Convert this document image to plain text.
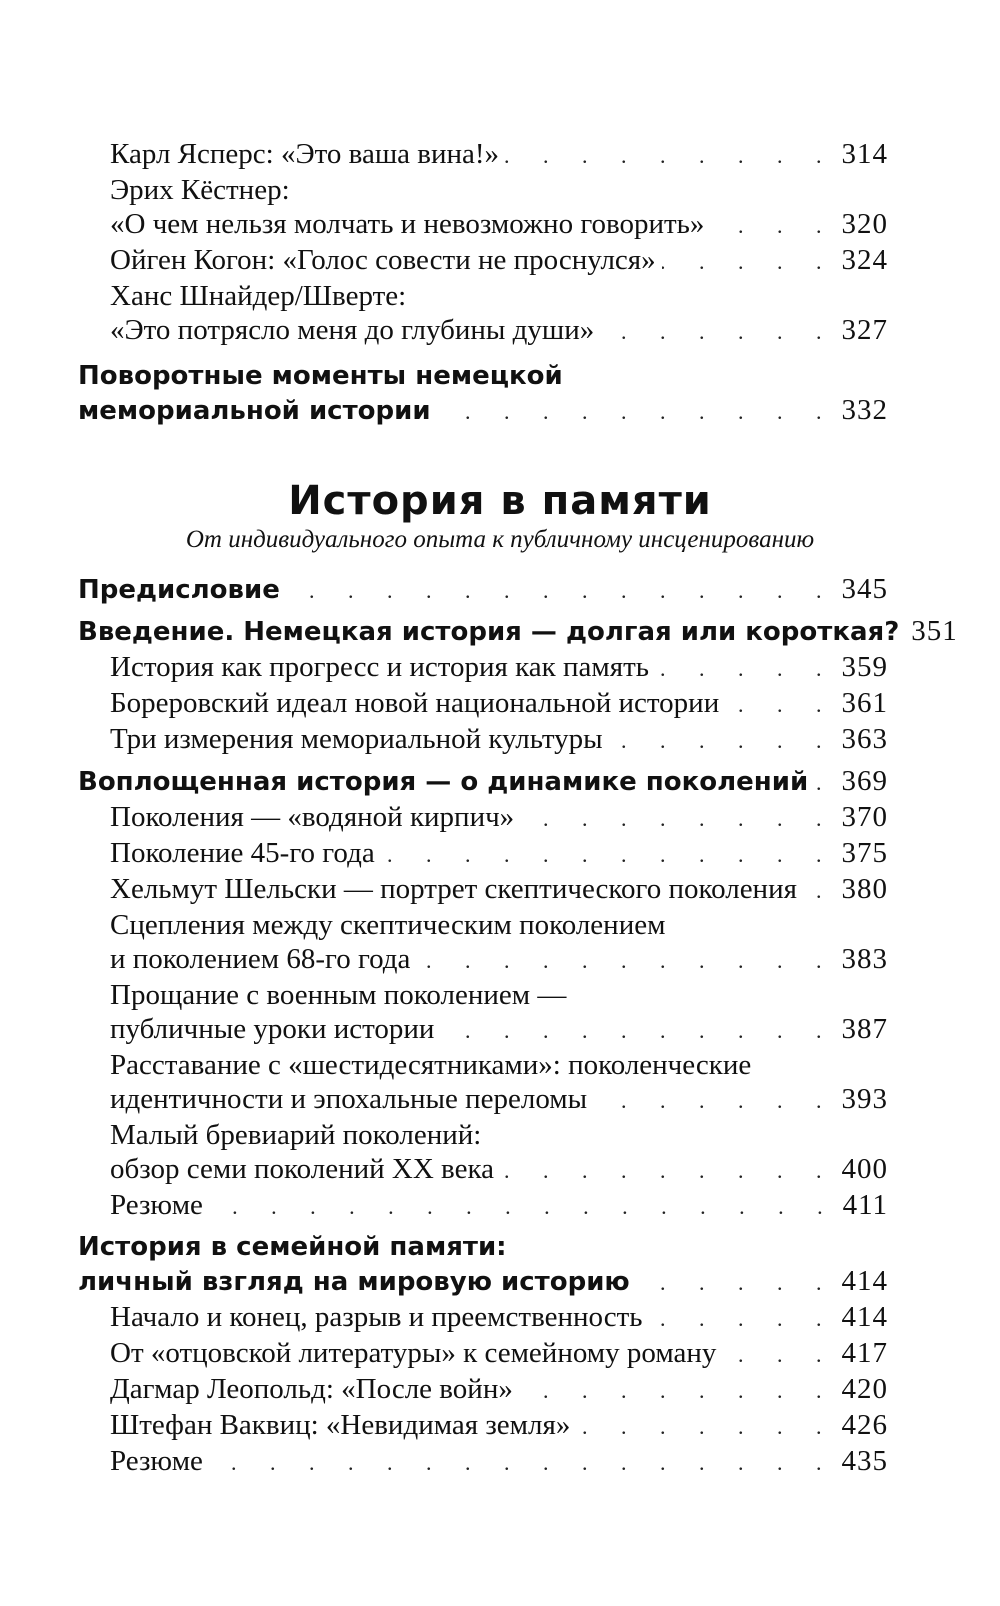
Карл Ясперс: «Это ваша вина!» . . .	314
Эрих Кёстнер:
«О чем нельзя молчать и невозможно говорить» . . .	320
Ойген Когон: «Голос совести не проснулся» . . .	324
Ханс Шнайдер/Шверте:
«Это потрясло меня до глубины души» . . .	327
Поворотные моменты немецкой
мемориальной истории . . .	332
История в памяти
От индивидуального опыта к публичному инсценированию
Предисловие . . .	345
Введение. Немецкая история — долгая или короткая? 351
История как прогресс и история как память . . .	359
Бореровский идеал новой национальной истории . . .	361
Три измерения мемориальной культуры . . .	363
Воплощенная история — о динамике поколений . . . 369
Поколения — «водяной кирпич» . . .	370
Поколение 45-го года . . .	375
Хельмут Шельски — портрет скептического поколения . . . 380
Сцепления между скептическим поколением
и поколением 68-го года . . .	383
Прощание с военным поколением —
публичные уроки истории . . .	387
Расставание с «шестидесятниками»: поколенческие
идентичности и эпохальные переломы . . .	393
Малый бревиарий поколений:
обзор семи поколений XX века . . .	400
Резюме . . .	411
История в семейной памяти:
личный взгляд на мировую историю . . .	414
Начало и конец, разрыв и преемственность . . .	414
От «отцовской литературы» к семейному роману . . .	417
Дагмар Леопольд: «После войн» . . .	420
Штефан Ваквиц: «Невидимая земля» . . .	426
Резюме . . .	435
